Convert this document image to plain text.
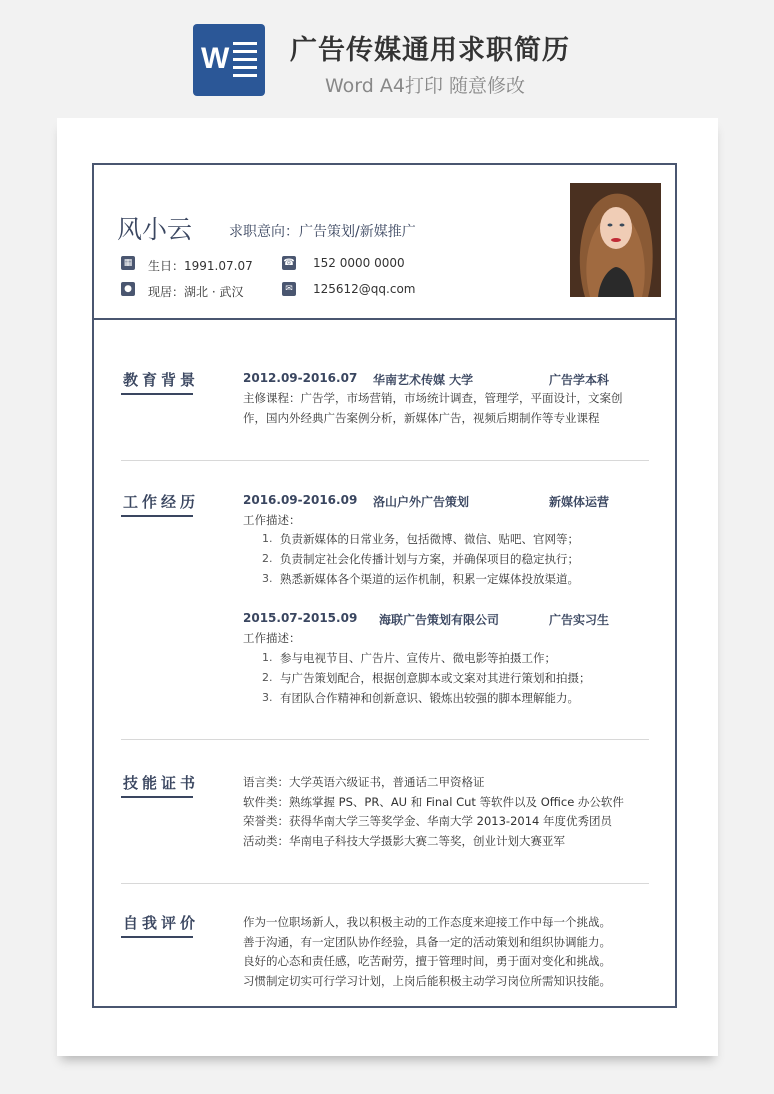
W 广告传媒通用求职简历
Word A4打印 随意修改
风小云	求职意向：广告策划/新媒推广
▦ 生日：1991.07.07	☎ 152 0000 0000
● 现居：湖北 · 武汉	✉ 125612@qq.com
教育背景	2012.09-2016.07 华南艺术传媒 大学	广告学本科
主修课程：广告学，市场营销，市场统计调查，管理学，平面设计，文案创
作，国内外经典广告案例分析，新媒体广告，视频后期制作等专业课程
工作经历	2016.09-2016.09 洛山户外广告策划	新媒体运营
工作描述：
1. 负责新媒体的日常业务，包括微博、微信、贴吧、官网等；
2. 负责制定社会化传播计划与方案，并确保项目的稳定执行；
3. 熟悉新媒体各个渠道的运作机制，积累一定媒体投放渠道。
2015.07-2015.09 海联广告策划有限公司	广告实习生
工作描述：
1. 参与电视节目、广告片、宣传片、微电影等拍摄工作；
2. 与广告策划配合，根据创意脚本或文案对其进行策划和拍摄；
3. 有团队合作精神和创新意识、锻炼出较强的脚本理解能力。
技能证书	语言类：大学英语六级证书，普通话二甲资格证
软件类：熟练掌握 PS、PR、AU 和 Final Cut 等软件以及 Office 办公软件
荣誉类：获得华南大学三等奖学金、华南大学 2013-2014 年度优秀团员
活动类：华南电子科技大学摄影大赛二等奖，创业计划大赛亚军
自我评价	作为一位职场新人，我以积极主动的工作态度来迎接工作中每一个挑战。
善于沟通，有一定团队协作经验，具备一定的活动策划和组织协调能力。
良好的心态和责任感，吃苦耐劳，擅于管理时间，勇于面对变化和挑战。
习惯制定切实可行学习计划，上岗后能积极主动学习岗位所需知识技能。
